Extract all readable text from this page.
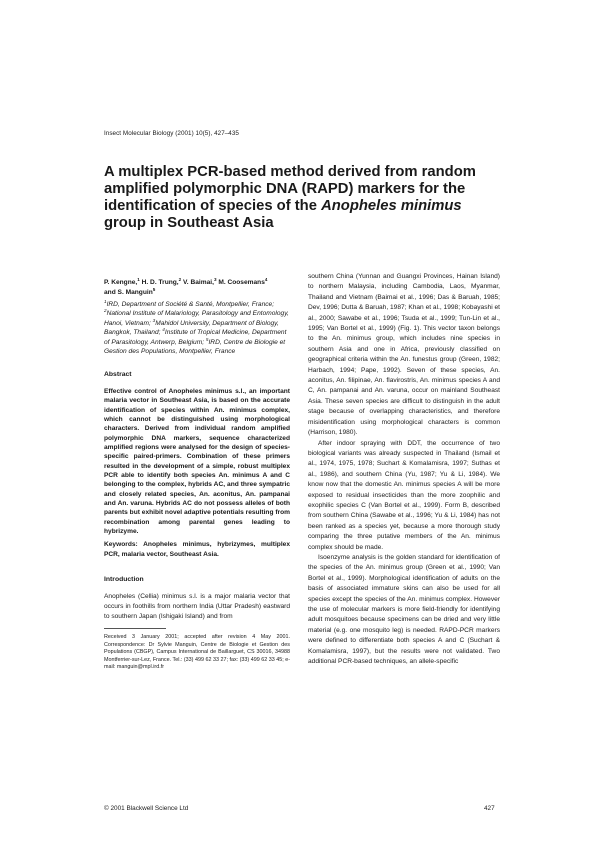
Insect Molecular Biology (2001) 10(5), 427–435
A multiplex PCR-based method derived from random
amplified polymorphic DNA (RAPD) markers for the
identification of species of the Anopheles minimus
group in Southeast Asia

P. Kengne,$^1$ H. D. Trung,$^2$ V. Baimai,$^3$ M. Coosemans$^4$
and S. Manguin$^5$

$^1$IRD, Department of Société & Santé, Montpellier, France; $^2$National Institute of Malariology, Parasitology and Entomology, Hanoi, Vietnam; $^3$Mahidol University, Department of Biology, Bangkok, Thailand; $^4$Institute of Tropical Medicine, Department of Parasitology, Antwerp, Belgium; $^5$IRD, Centre de Biologie et Gestion des Populations, Montpellier, France

Abstract

Effective control of Anopheles minimus s.l., an important malaria vector in Southeast Asia, is based on the accurate identification of species within An. minimus complex, which cannot be distinguished using morphological characters. Derived from individual random amplified polymorphic DNA markers, sequence characterized amplified regions were analysed for the design of species-specific paired-primers. Combination of these primers resulted in the development of a simple, robust multiplex PCR able to identify both species An. minimus A and C belonging to the complex, hybrids AC, and three sympatric and closely related species, An. aconitus, An. pampanai and An. varuna. Hybrids AC do not possess alleles of both parents but exhibit novel adaptive potentials resulting from recombination among parental genes leading to hybrizyme.

Keywords: Anopheles minimus, hybrizymes, multiplex PCR, malaria vector, Southeast Asia.

Introduction

Anopheles (Cellia) minimus s.l. is a major malaria vector that occurs in foothills from northern India (Uttar Pradesh) eastward to southern Japan (Ishigaki Island) and from

Received 3 January 2001; accepted after revision 4 May 2001. Correspondence: Dr Sylvie Manguin, Centre de Biologie et Gestion des Populations (CBGP), Campus International de Baillarguet, CS 30016, 34988 Montferrier-sur-Lez, France. Tel.: (33) 499 62 33 27; fax: (33) 499 62 33 45; e-mail: manguin@mpl.ird.fr

southern China (Yunnan and Guangxi Provinces, Hainan Island) to northern Malaysia, including Cambodia, Laos, Myanmar, Thailand and Vietnam (Baimai et al., 1996; Das & Baruah, 1985; Dev, 1996; Dutta & Baruah, 1987; Khan et al., 1998; Kobayashi et al., 2000; Sawabe et al., 1996; Tsuda et al., 1999; Tun-Lin et al., 1995; Van Bortel et al., 1999) (Fig. 1). This vector taxon belongs to the An. minimus group, which includes nine species in southern Asia and one in Africa, previously classified on geographical criteria within the An. funestus group (Green, 1982; Harbach, 1994; Pape, 1992). Seven of these species, An. aconitus, An. filipinae, An. flavirostris, An. minimus species A and C, An. pampanai and An. varuna, occur on mainland Southeast Asia. These seven species are difficult to distinguish in the adult stage because of overlapping characteristics, and therefore misidentification using morphological characters is common (Harrison, 1980).

After indoor spraying with DDT, the occurrence of two biological variants was already suspected in Thailand (Ismail et al., 1974, 1975, 1978; Suchart & Komalamisra, 1997; Suthas et al., 1986), and southern China (Yu, 1987; Yu & Li, 1984). We know now that the domestic An. minimus species A will be more exposed to residual insecticides than the more zoophilic and exophilic species C (Van Bortel et al., 1999). Form B, described from southern China (Sawabe et al., 1996; Yu & Li, 1984) has not been ranked as a species yet, because a more thorough study comparing the three putative members of the An. minimus complex should be made.

Isoenzyme analysis is the golden standard for identification of the species of the An. minimus group (Green et al., 1990; Van Bortel et al., 1999). Morphological identification of adults on the basis of associated immature skins can also be used for all species except the species of the An. minimus complex. However the use of molecular markers is more field-friendly for identifying adult mosquitoes because specimens can be dried and very little material (e.g. one mosquito leg) is needed. RAPD-PCR markers were defined to differentiate both species A and C (Suchart & Komalamisra, 1997), but the results were not validated. Two additional PCR-based techniques, an allele-specific

© 2001 Blackwell Science Ltd	427
